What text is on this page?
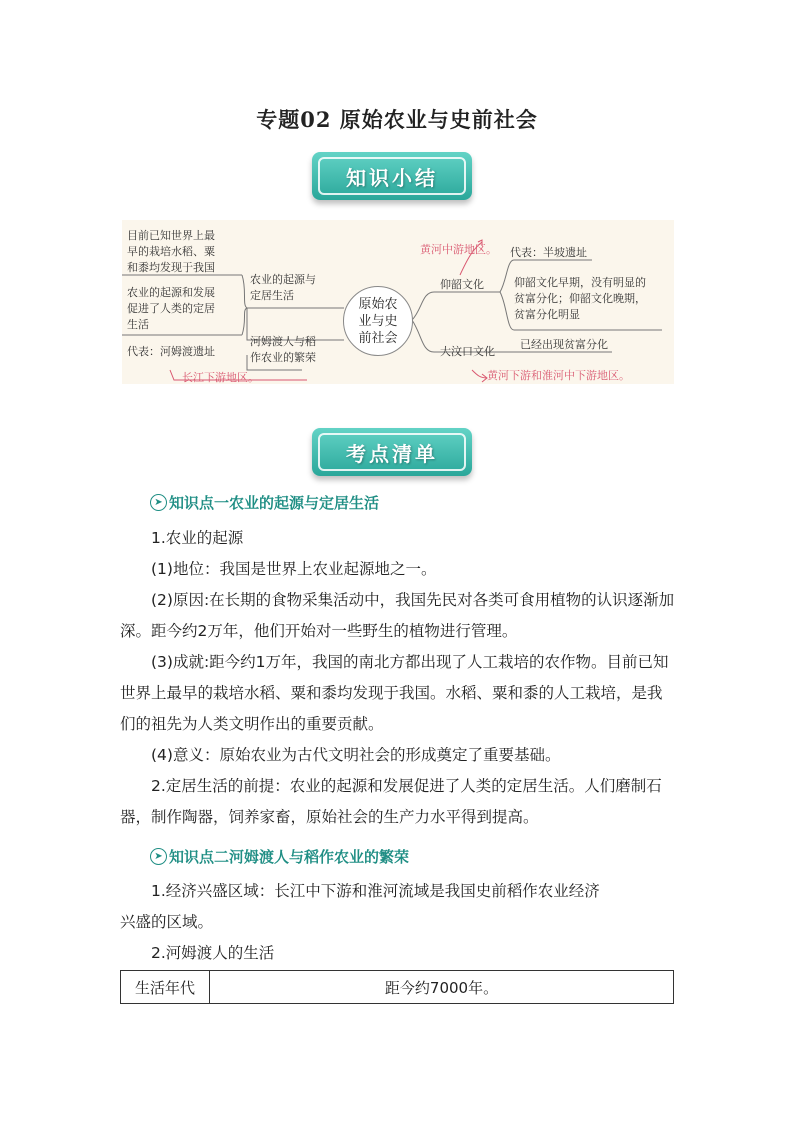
专题02 原始农业与史前社会
知识小结
目前已知世界上最
早的栽培水稻、粟
和黍均发现于我国
农业的起源和发展
促进了人类的定居
生活
农业的起源与
定居生活
河姆渡人与稻
作农业的繁荣
代表：河姆渡遗址
长江下游地区。
原始农
业与史
前社会
黄河中游地区。
仰韶文化
代表：半坡遗址
仰韶文化早期，没有明显的
贫富分化；仰韶文化晚期，
贫富分化明显
大汶口文化
已经出现贫富分化
黄河下游和淮河中下游地区。
考点清单
➤ 知识点一农业的起源与定居生活
1.农业的起源
(1)地位：我国是世界上农业起源地之一。
(2)原因:在长期的食物采集活动中，我国先民对各类可食用植物的认识逐渐加深。距今约2万年，他们开始对一些野生的植物进行管理。
(3)成就:距今约1万年，我国的南北方都出现了人工栽培的农作物。目前已知世界上最早的栽培水稻、粟和黍均发现于我国。水稻、粟和黍的人工栽培，是我们的祖先为人类文明作出的重要贡献。
(4)意义：原始农业为古代文明社会的形成奠定了重要基础。
2.定居生活的前提：农业的起源和发展促进了人类的定居生活。人们磨制石器，制作陶器，饲养家畜，原始社会的生产力水平得到提高。
➤ 知识点二河姆渡人与稻作农业的繁荣
1.经济兴盛区域：长江中下游和淮河流域是我国史前稻作农业经济
兴盛的区域。
2.河姆渡人的生活
生活年代	距今约7000年。
